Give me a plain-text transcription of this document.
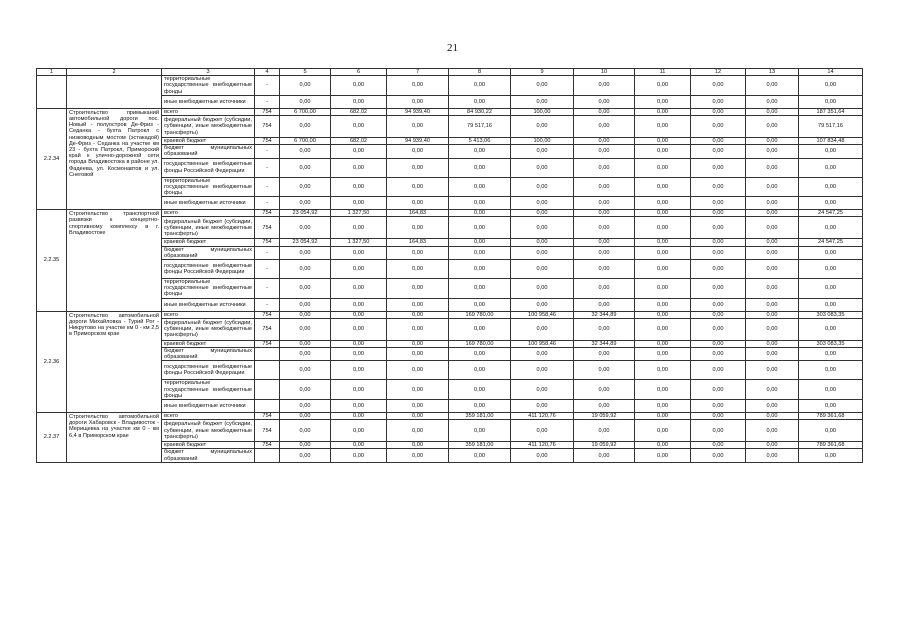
21
1	2	3	4	5	6	7	8	9	10	11	12	13	14
		территориальные государственные внебюджетные фонды	-	0,00	0,00	0,00	0,00	0,00	0,00	0,00	0,00	0,00	0,00
		иные внебюджетные источники	-	0,00	0,00	0,00	0,00	0,00	0,00	0,00	0,00	0,00	0,00
2.2.34	Строительство примыканий автомобильной дороги пос. Новый - полуостров Де-Фриз - Седанка - бухта Патрокл с низководным мостом (эстакадой) Де-Фриз - Седанка на участке км 23 - бухта Патрокл, Приморский край к улично-дорожной сети города Владивостока в районе ул. Фадеева, ул. Космонавтов и ул. Снеговой	всего	754	6 700,00	682,02	94 939,40	84 930,22	100,00	0,00	0,00	0,00	0,00	187 351,64
		федеральный бюджет (субсидии, субвенции, иные межбюджетные трансферты)	754	0,00	0,00	0,00	79 517,16	0,00	0,00	0,00	0,00	0,00	79 517,16
		краевой бюджет	754	6 700,00	682,02	94 939,40	5 413,06	100,00	0,00	0,00	0,00	0,00	107 834,48
		бюджет муниципальных образований	-	0,00	0,00	0,00	0,00	0,00	0,00	0,00	0,00	0,00	0,00
		государственные внебюджетные фонды Российской Федерации	-	0,00	0,00	0,00	0,00	0,00	0,00	0,00	0,00	0,00	0,00
		территориальные государственные внебюджетные фонды	-	0,00	0,00	0,00	0,00	0,00	0,00	0,00	0,00	0,00	0,00
		иные внебюджетные источники	-	0,00	0,00	0,00	0,00	0,00	0,00	0,00	0,00	0,00	0,00
2.2.35	Строительство транспортной развязки к концертно- спортивному комплексу в г. Владивостоке	всего	754	23 054,92	1 327,50	164,83	0,00	0,00	0,00	0,00	0,00	0,00	24 547,25
		федеральный бюджет (субсидии, субвенции, иные межбюджетные трансферты)	754	0,00	0,00	0,00	0,00	0,00	0,00	0,00	0,00	0,00	0,00
		краевой бюджет	754	23 054,92	1 327,50	164,83	0,00	0,00	0,00	0,00	0,00	0,00	24 547,25
		бюджет муниципальных образований	-	0,00	0,00	0,00	0,00	0,00	0,00	0,00	0,00	0,00	0,00
		государственные внебюджетные фонды Российской Федерации	-	0,00	0,00	0,00	0,00	0,00	0,00	0,00	0,00	0,00	0,00
		территориальные государственные внебюджетные фонды	-	0,00	0,00	0,00	0,00	0,00	0,00	0,00	0,00	0,00	0,00
		иные внебюджетные источники	-	0,00	0,00	0,00	0,00	0,00	0,00	0,00	0,00	0,00	0,00
2.2.36	Строительство автомобильной дороги Михайловка - Турий Рог - Никрутово на участке км 0 - км 2,5 в Приморском крае	всего	754	0,00	0,00	0,00	169 780,00	100 958,46	32 344,89	0,00	0,00	0,00	303 083,35
		федеральный бюджет (субсидии, субвенции, иные межбюджетные трансферты)	754	0,00	0,00	0,00	0,00	0,00	0,00	0,00	0,00	0,00	0,00
		краевой бюджет	754	0,00	0,00	0,00	169 780,00	100 958,46	32 344,89	0,00	0,00	0,00	303 083,35
		бюджет муниципальных образований		0,00	0,00	0,00	0,00	0,00	0,00	0,00	0,00	0,00	0,00
		государственные внебюджетные фонды Российской Федерации		0,00	0,00	0,00	0,00	0,00	0,00	0,00	0,00	0,00	0,00
		территориальные государственные внебюджетные фонды		0,00	0,00	0,00	0,00	0,00	0,00	0,00	0,00	0,00	0,00
		иные внебюджетные источники		0,00	0,00	0,00	0,00	0,00	0,00	0,00	0,00	0,00	0,00
2.2.37	Строительство автомобильной дороги Хабаровск - Владивосток - Мерищевка на участке км 0 - км 6,4 в Приморском крае	всего	754	0,00	0,00	0,00	359 181,00	411 120,76	19 059,92	0,00	0,00	0,00	789 361,68
		федеральный бюджет (субсидии, субвенции, иные межбюджетные трансферты)	754	0,00	0,00	0,00	0,00	0,00	0,00	0,00	0,00	0,00	0,00
		краевой бюджет	754	0,00	0,00	0,00	359 181,00	411 120,76	19 059,92	0,00	0,00	0,00	789 361,68
		бюджет муниципальных образований		0,00	0,00	0,00	0,00	0,00	0,00	0,00	0,00	0,00	0,00
